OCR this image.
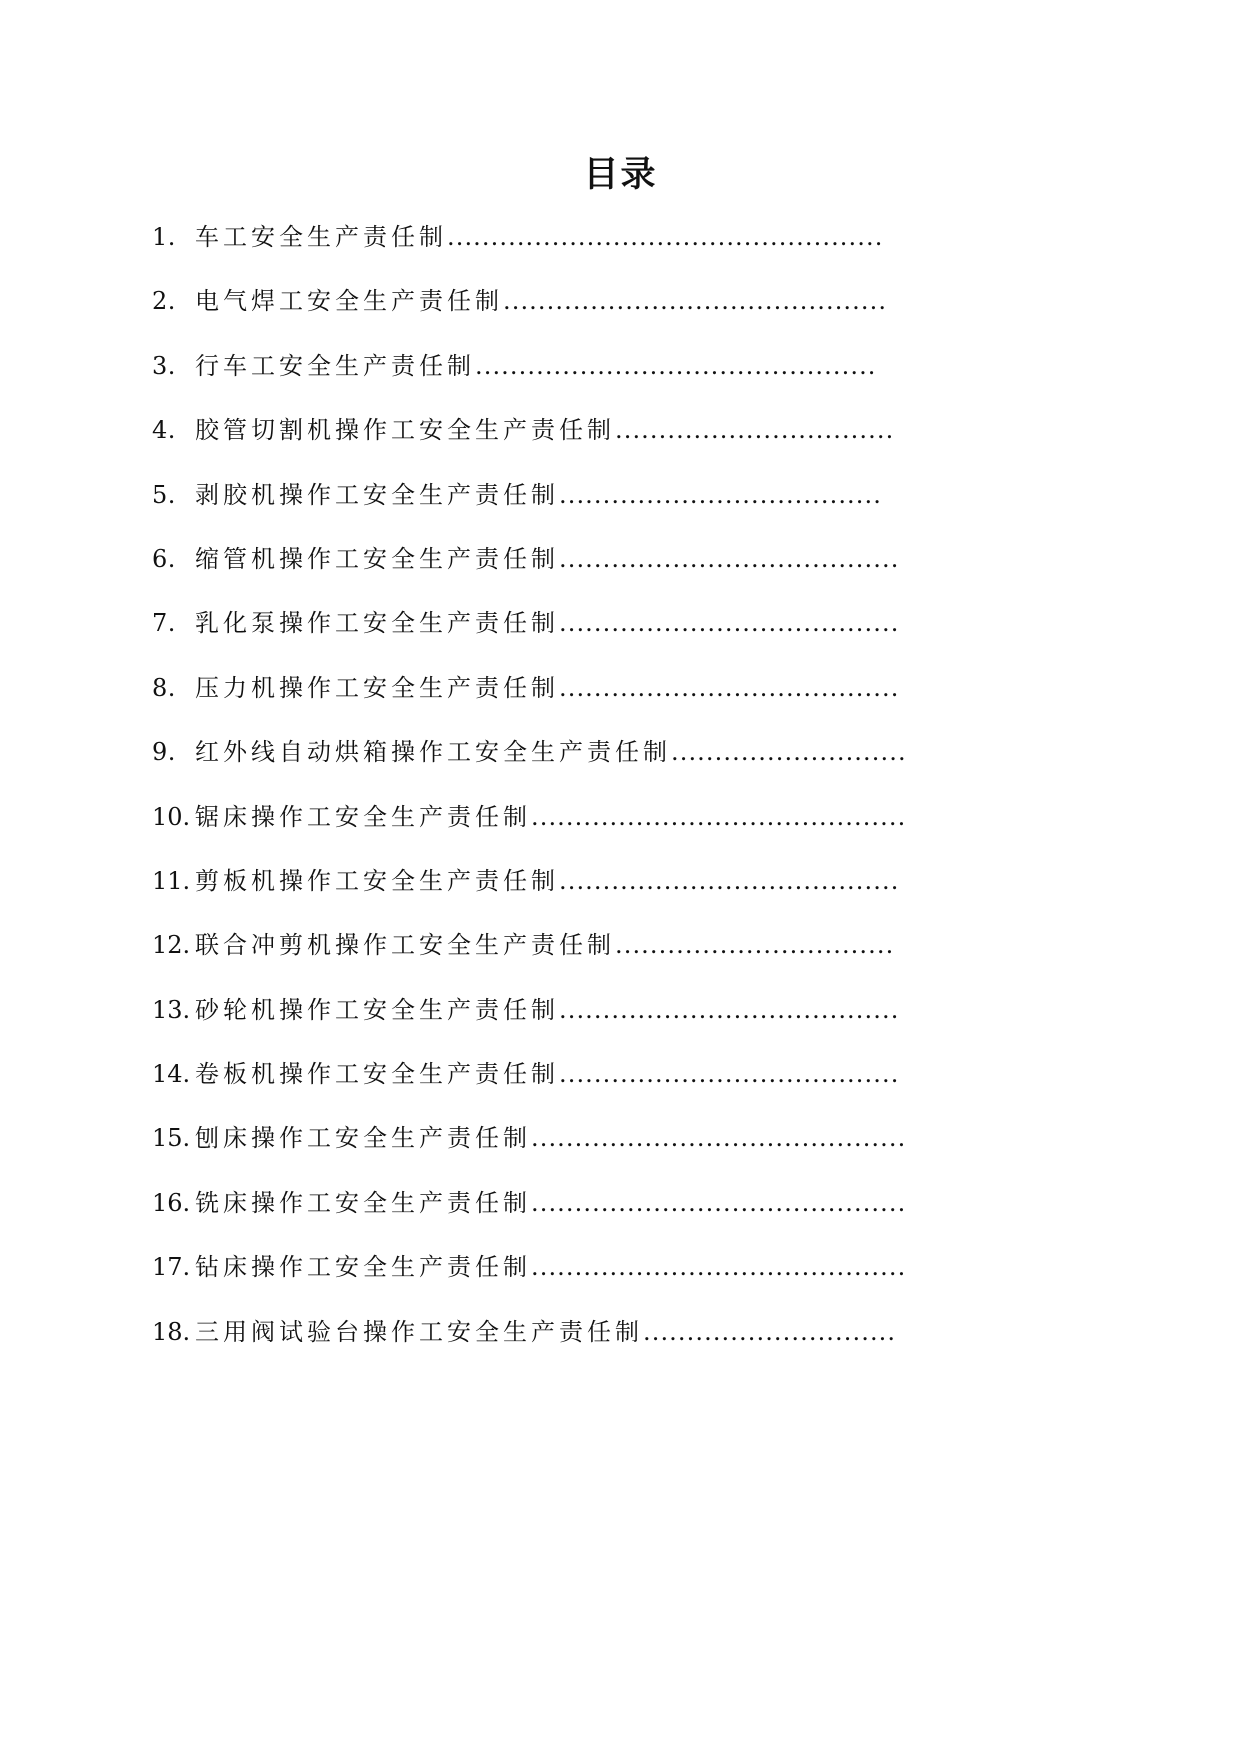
目录
1. 车工安全生产责任制 ..................................................
2. 电气焊工安全生产责任制 ............................................
3. 行车工安全生产责任制 ..............................................
4. 胶管切割机操作工安全生产责任制 ................................
5. 剥胶机操作工安全生产责任制 .....................................
6. 缩管机操作工安全生产责任制 .......................................
7. 乳化泵操作工安全生产责任制 .......................................
8. 压力机操作工安全生产责任制 .......................................
9. 红外线自动烘箱操作工安全生产责任制 ...........................
10. 锯床操作工安全生产责任制 ...........................................
11. 剪板机操作工安全生产责任制 .......................................
12. 联合冲剪机操作工安全生产责任制 ................................
13. 砂轮机操作工安全生产责任制 .......................................
14. 卷板机操作工安全生产责任制 .......................................
15. 刨床操作工安全生产责任制 ...........................................
16. 铣床操作工安全生产责任制 ...........................................
17. 钻床操作工安全生产责任制 ...........................................
18. 三用阀试验台操作工安全生产责任制 .............................
